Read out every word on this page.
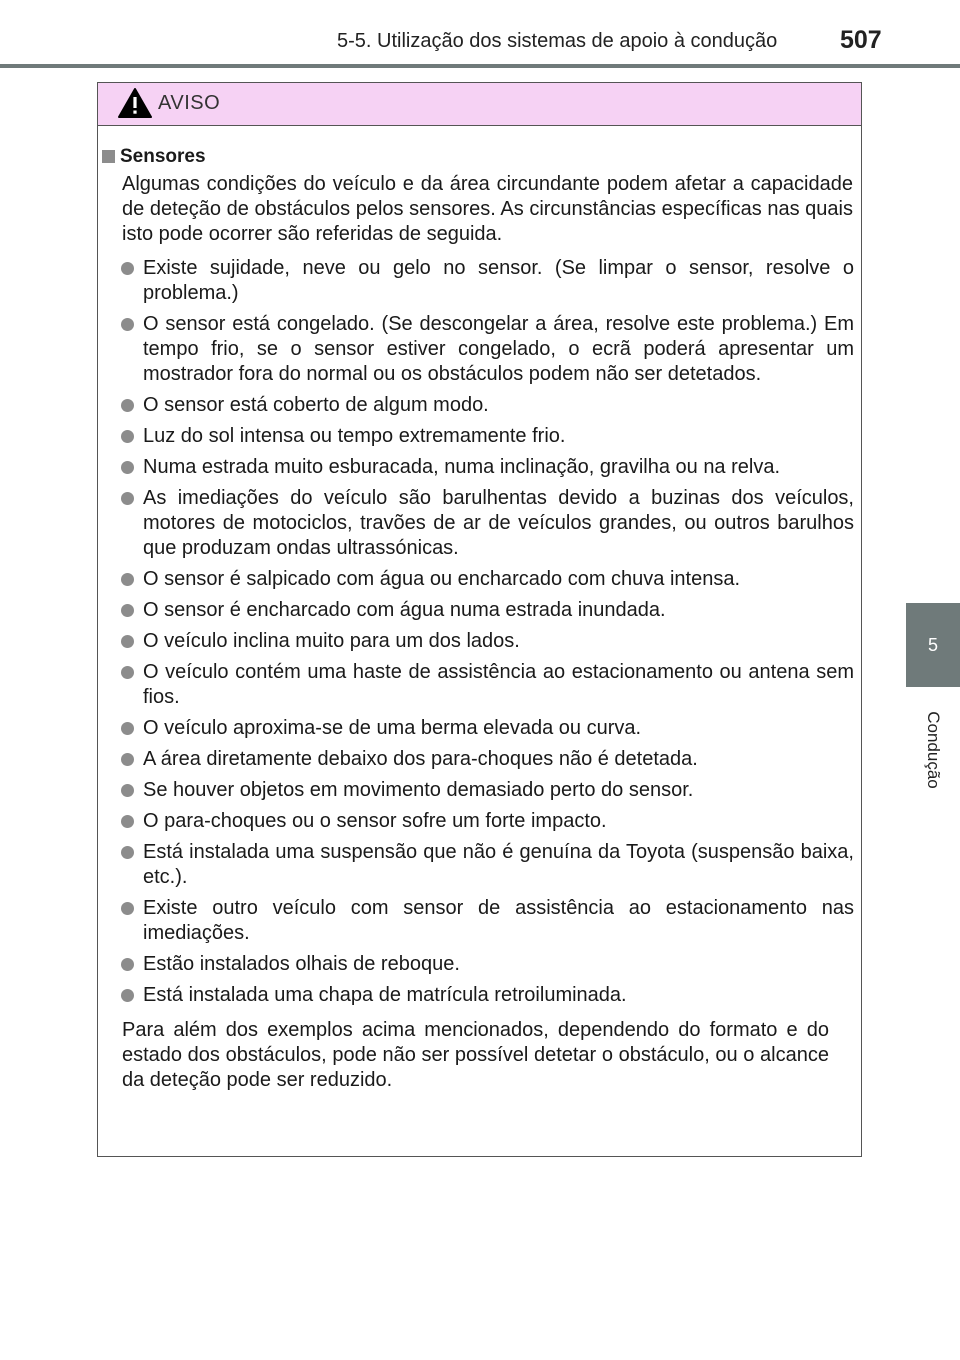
5-5. Utilização dos sistemas de apoio à condução	507
5
Condução
AVISO
Sensores
Algumas condições do veículo e da área circundante podem afetar a capacidade de deteção de obstáculos pelos sensores. As circunstâncias específicas nas quais isto pode ocorrer são referidas de seguida.
Existe sujidade, neve ou gelo no sensor. (Se limpar o sensor, resolve o problema.)
O sensor está congelado. (Se descongelar a área, resolve este problema.) Em tempo frio, se o sensor estiver congelado, o ecrã poderá apresentar um mostrador fora do normal ou os obstáculos podem não ser detetados.
O sensor está coberto de algum modo.
Luz do sol intensa ou tempo extremamente frio.
Numa estrada muito esburacada, numa inclinação, gravilha ou na relva.
As imediações do veículo são barulhentas devido a buzinas dos veículos, motores de motociclos, travões de ar de veículos grandes, ou outros barulhos que produzam ondas ultrassónicas.
O sensor é salpicado com água ou encharcado com chuva intensa.
O sensor é encharcado com água numa estrada inundada.
O veículo inclina muito para um dos lados.
O veículo contém uma haste de assistência ao estacionamento ou antena sem fios.
O veículo aproxima-se de uma berma elevada ou curva.
A área diretamente debaixo dos para-choques não é detetada.
Se houver objetos em movimento demasiado perto do sensor.
O para-choques ou o sensor sofre um forte impacto.
Está instalada uma suspensão que não é genuína da Toyota (suspensão baixa, etc.).
Existe outro veículo com sensor de assistência ao estacionamento nas imediações.
Estão instalados olhais de reboque.
Está instalada uma chapa de matrícula retroiluminada.
Para além dos exemplos acima mencionados, dependendo do formato e do estado dos obstáculos, pode não ser possível detetar o obstáculo, ou o alcance da deteção pode ser reduzido.
